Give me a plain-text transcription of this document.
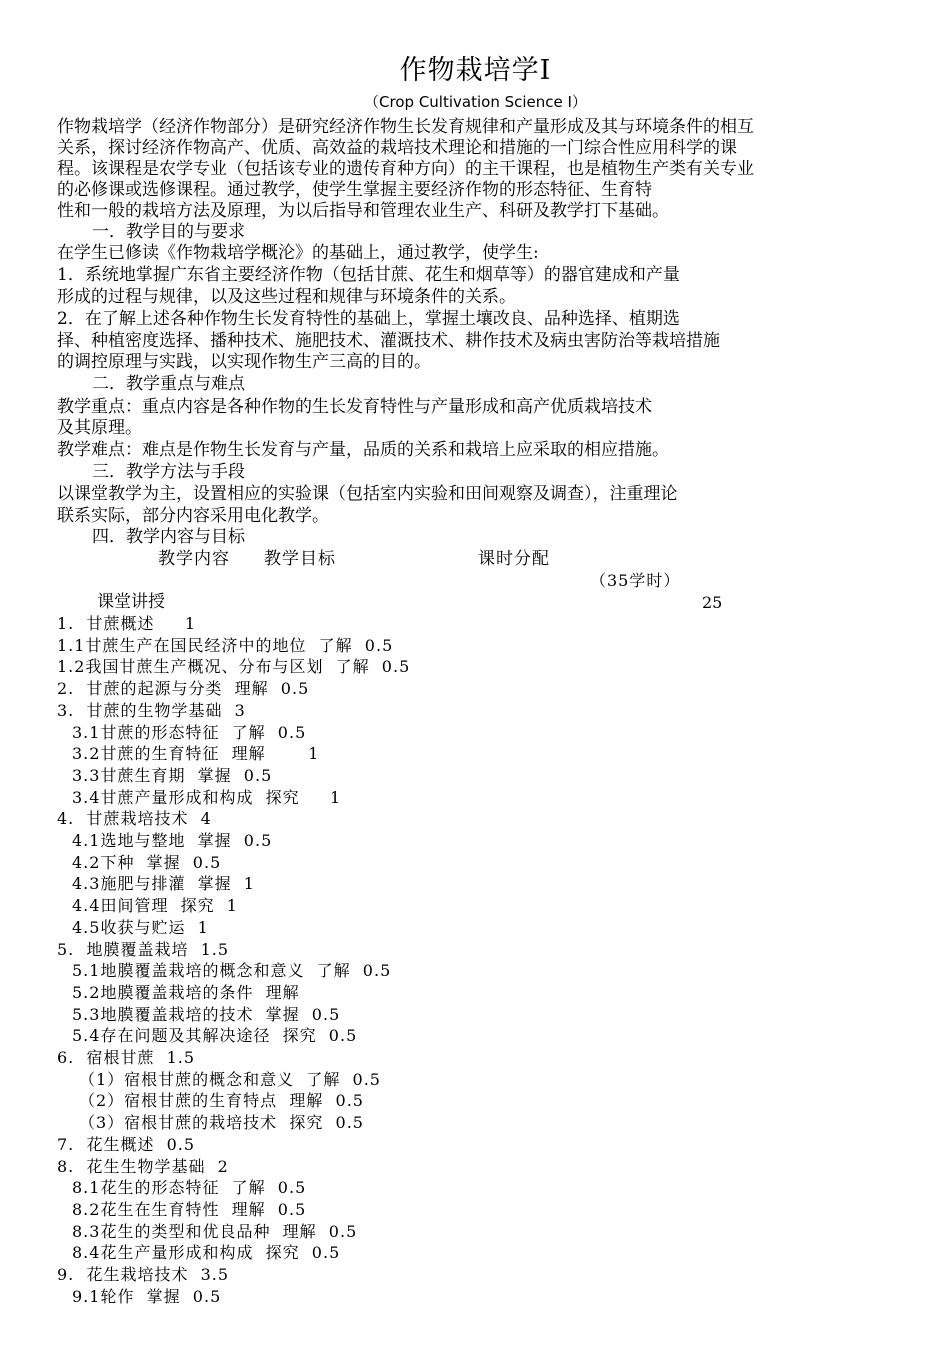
作物栽培学Ⅰ
（Crop Cultivation Science Ⅰ）
作物栽培学（经济作物部分）是研究经济作物生长发育规律和产量形成及其与环境条件的相互
关系，探讨经济作物高产、优质、高效益的栽培技术理论和措施的一门综合性应用科学的课
程。该课程是农学专业（包括该专业的遗传育种方向）的主干课程，也是植物生产类有关专业
的必修课或选修课程。通过教学，使学生掌握主要经济作物的形态特征、生育特
性和一般的栽培方法及原理，为以后指导和管理农业生产、科研及教学打下基础。
一．教学目的与要求
在学生已修读《作物栽培学概沦》的基础上，通过教学，使学生:
1．系统地掌握广东省主要经济作物（包括甘蔗、花生和烟草等）的器官建成和产量
形成的过程与规律，以及这些过程和规律与环境条件的关系。
2．在了解上述各种作物生长发育特性的基础上，掌握土壤改良、品种选择、植期选
择、种植密度选择、播种技术、施肥技术、灌溉技术、耕作技术及病虫害防治等栽培措施
的调控原理与实践，以实现作物生产三高的目的。
二．教学重点与难点
教学重点：重点内容是各种作物的生长发育特性与产量形成和高产优质栽培技术
及其原理。
教学难点：难点是作物生长发育与产量，品质的关系和栽培上应采取的相应措施。
三．教学方法与手段
以课堂教学为主，设置相应的实验课（包括室内实验和田间观察及调查），注重理论
联系实际，部分内容采用电化教学。
四．教学内容与目标
教学内容 教学目标	课时分配
（35学时）
课堂讲授	25
1.  甘蔗概述     1
1.1甘蔗生产在国民经济中的地位  了解  0.5
1.2我国甘蔗生产概况、分布与区划  了解  0.5
2.  甘蔗的起源与分类  理解  0.5
3.  甘蔗的生物学基础  3
3.1甘蔗的形态特征  了解  0.5
3.2甘蔗的生育特征  理解       1
3.3甘蔗生育期  掌握  0.5
3.4甘蔗产量形成和构成  探究     1
4.  甘蔗栽培技术  4
4.1选地与整地  掌握  0.5
4.2下种  掌握  0.5
4.3施肥与排灌  掌握  1
4.4田间管理  探究  1
4.5收获与贮运  1
5.  地膜覆盖栽培  1.5
5.1地膜覆盖栽培的概念和意义  了解  0.5
5.2地膜覆盖栽培的条件  理解
5.3地膜覆盖栽培的技术  掌握  0.5
5.4存在问题及其解决途径  探究  0.5
6.  宿根甘蔗  1.5
（1）宿根甘蔗的概念和意义  了解  0.5
（2）宿根甘蔗的生育特点  理解  0.5
（3）宿根甘蔗的栽培技术  探究  0.5
7.  花生概述  0.5
8.  花生生物学基础  2
8.1花生的形态特征  了解  0.5
8.2花生在生育特性  理解  0.5
8.3花生的类型和优良品种  理解  0.5
8.4花生产量形成和构成  探究  0.5
9.  花生栽培技术  3.5
9.1轮作  掌握  0.5
